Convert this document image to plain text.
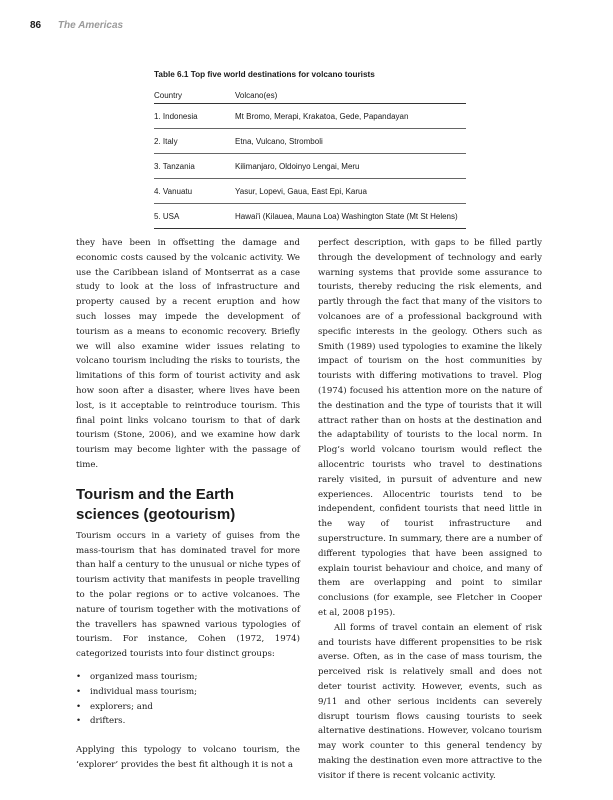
86 The Americas
Table 6.1 Top five world destinations for volcano tourists
Country	Volcano(es)
1. Indonesia	Mt Bromo, Merapi, Krakatoa, Gede, Papandayan
2. Italy	Etna, Vulcano, Stromboli
3. Tanzania	Kilimanjaro, Oldoinyo Lengai, Meru
4. Vanuatu	Yasur, Lopevi, Gaua, East Epi, Karua
5. USA	Hawai'i (Kilauea, Mauna Loa) Washington State (Mt St Helens)

they have been in offsetting the damage and economic costs caused by the volcanic activity. We use the Caribbean island of Montserrat as a case study to look at the loss of infrastructure and property caused by a recent eruption and how such losses may impede the development of tourism as a means to economic recovery. Briefly we will also examine wider issues relating to volcano tourism including the risks to tourists, the limitations of this form of tourist activity and ask how soon after a disaster, where lives have been lost, is it acceptable to reintroduce tourism. This final point links volcano tourism to that of dark tourism (Stone, 2006), and we examine how dark tourism may become lighter with the passage of time.

Tourism and the Earth sciences (geotourism)

Tourism occurs in a variety of guises from the mass-tourism that has dominated travel for more than half a century to the unusual or niche types of tourism activity that manifests in people travelling to the polar regions or to active volcanoes. The nature of tourism together with the motivations of the travellers has spawned various typologies of tourism. For instance, Cohen (1972, 1974) categorized tourists into four distinct groups:

• organized mass tourism;
• individual mass tourism;
• explorers; and
• drifters.

Applying this typology to volcano tourism, the ‘explorer’ provides the best fit although it is not a

perfect description, with gaps to be filled partly through the development of technology and early warning systems that provide some assurance to tourists, thereby reducing the risk elements, and partly through the fact that many of the visitors to volcanoes are of a professional background with specific interests in the geology. Others such as Smith (1989) used typologies to examine the likely impact of tourism on the host communities by tourists with differing motivations to travel. Plog (1974) focused his attention more on the nature of the destination and the type of tourists that it will attract rather than on hosts at the destination and the adaptability of tourists to the local norm. In Plog’s world volcano tourism would reflect the allocentric tourists who travel to destinations rarely visited, in pursuit of adventure and new experiences. Allocentric tourists tend to be independent, confident tourists that need little in the way of tourist infrastructure and superstructure. In summary, there are a number of different typologies that have been assigned to explain tourist behaviour and choice, and many of them are overlapping and point to similar conclusions (for example, see Fletcher in Cooper et al, 2008 p195).

All forms of travel contain an element of risk and tourists have different propensities to be risk averse. Often, as in the case of mass tourism, the perceived risk is relatively small and does not deter tourist activity. However, events, such as 9/11 and other serious incidents can severely disrupt tourism flows causing tourists to seek alternative destinations. However, volcano tourism may work counter to this general tendency by making the destination even more attractive to the visitor if there is recent volcanic activity.
